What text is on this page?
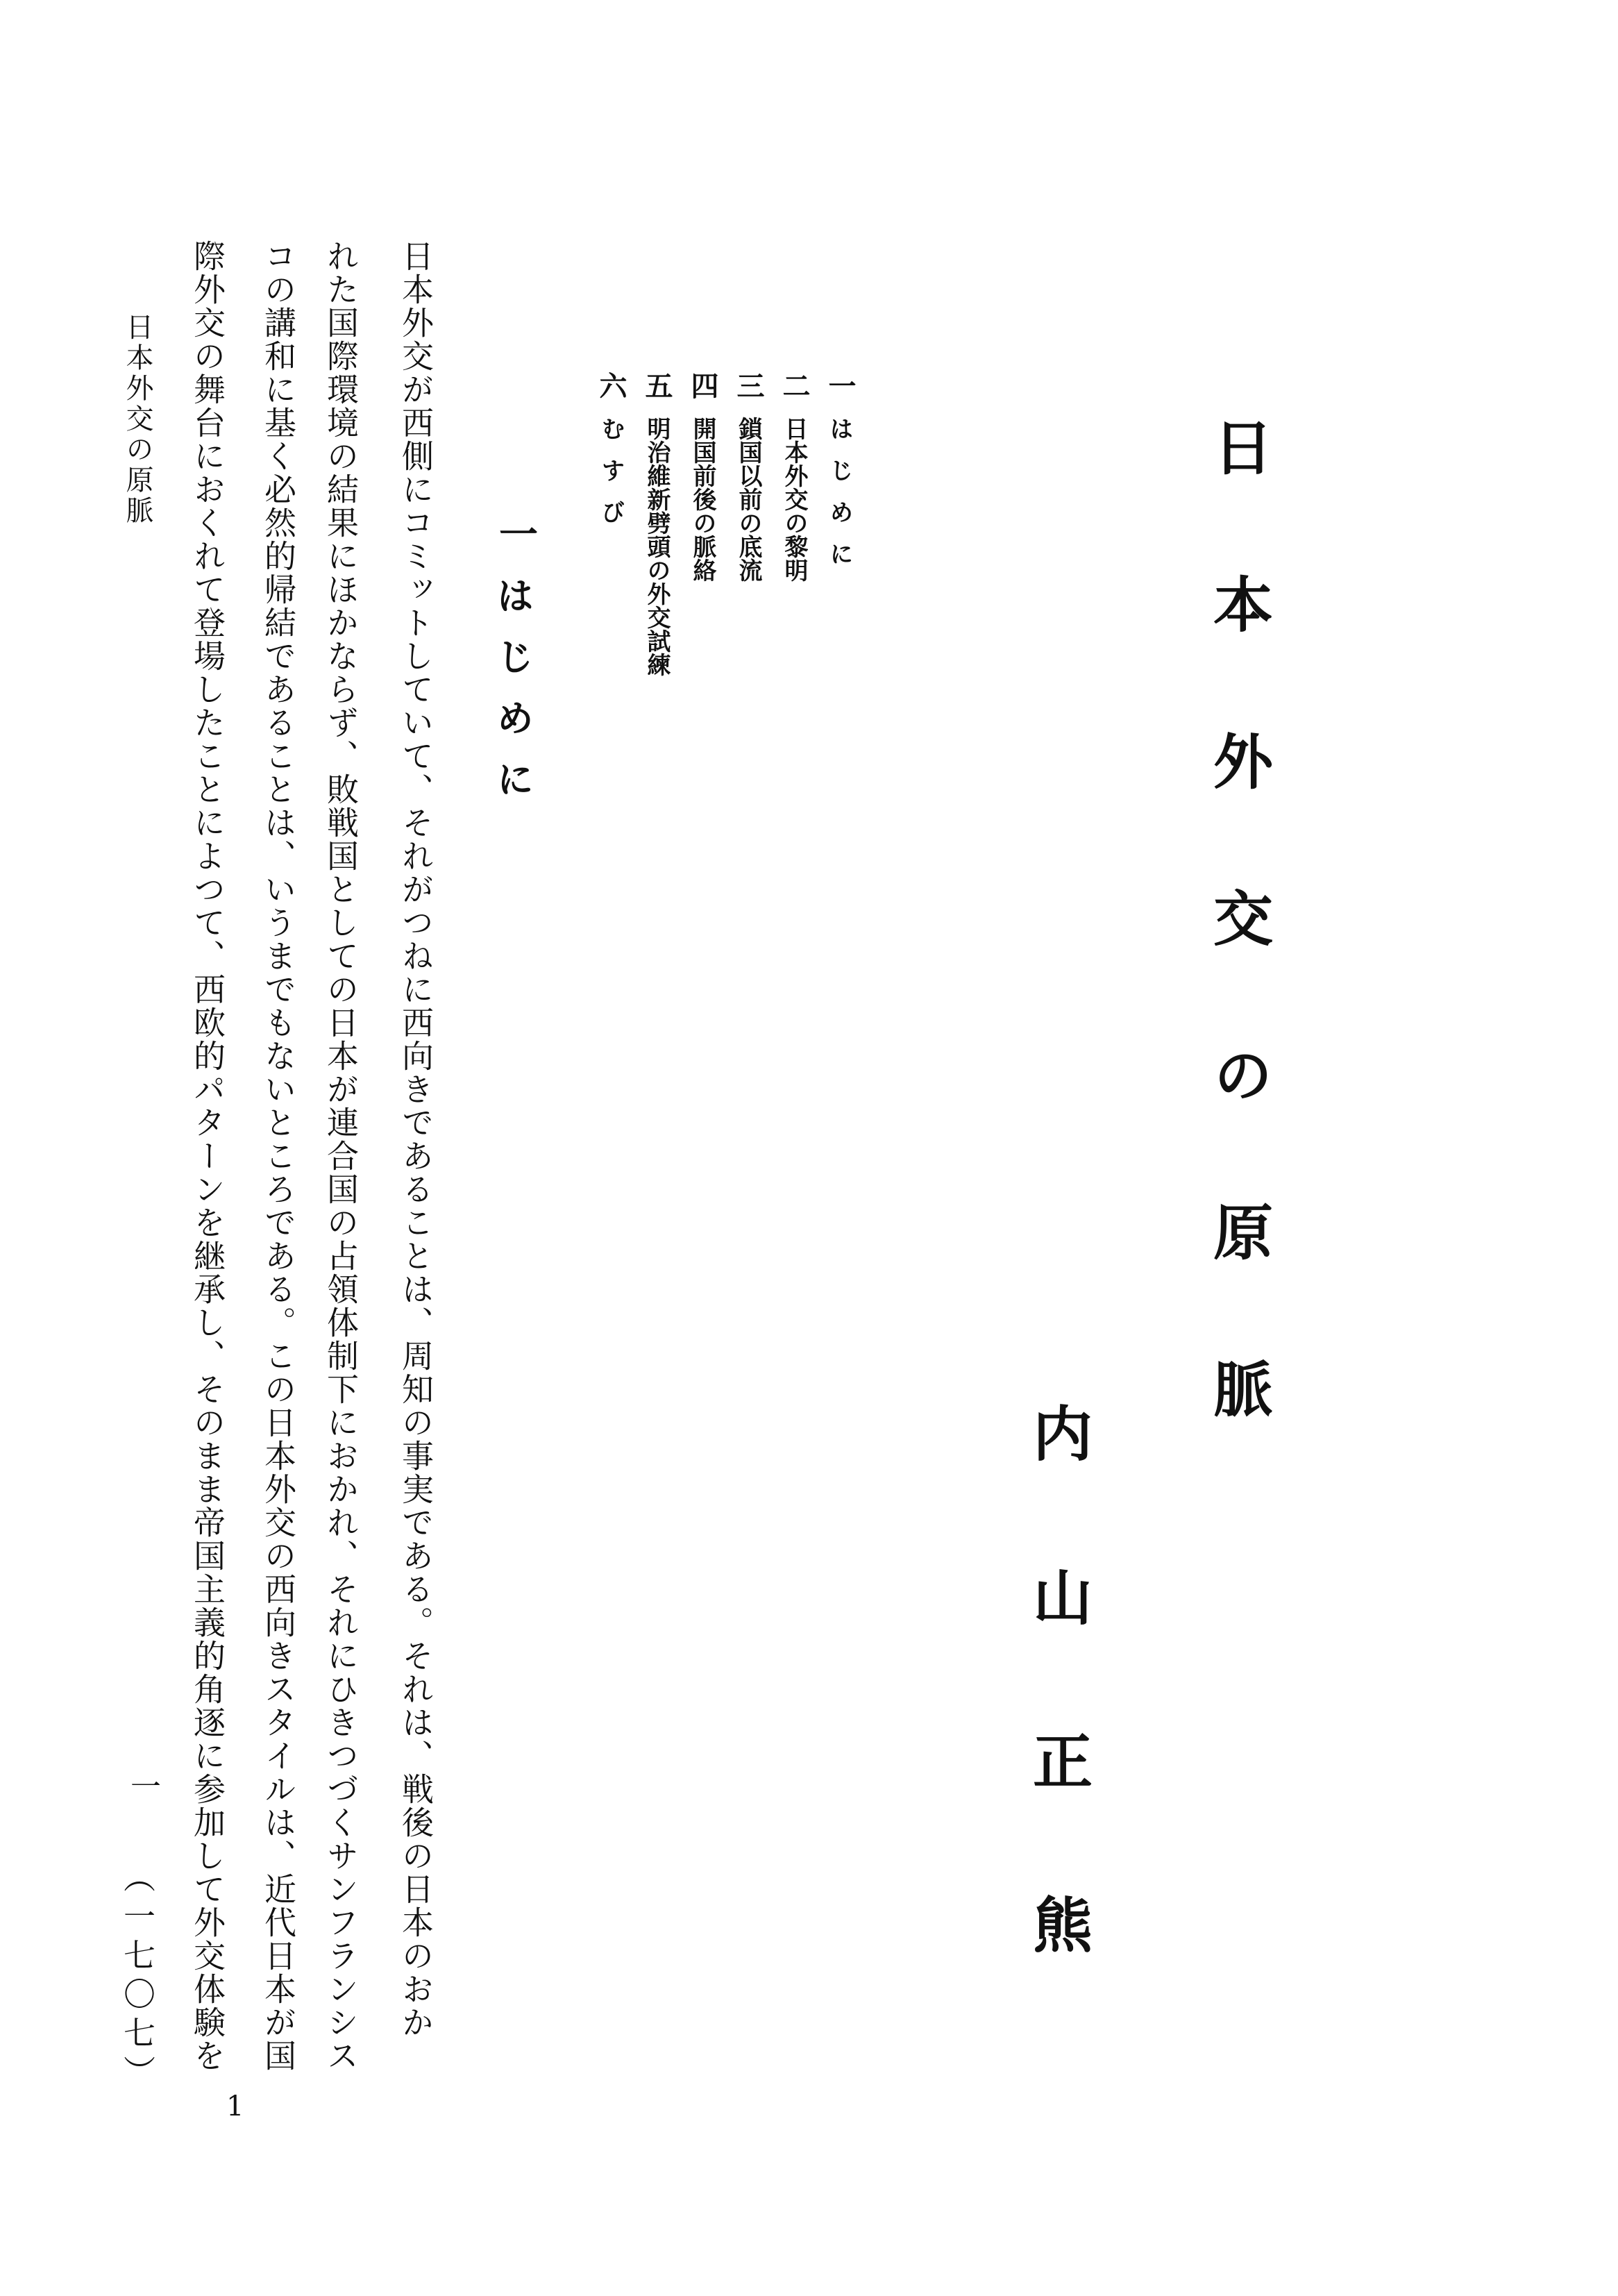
日本外交の原脈
内山正熊
一
はじめに
二
日本外交の黎明
三
鎖国以前の底流
四
開国前後の脈絡
五
明治維新劈頭の外交試練
六
むすび
一
はじめに
日本外交が西側にコミットしていて、それがつねに西向きであることは、周知の事実である。それは、戦後の日本のおか
れた国際環境の結果にほかならず、敗戦国としての日本が連合国の占領体制下におかれ、それにひきつづくサンフランシス
コの講和に基く必然的帰結であることは、いうまでもないところである。この日本外交の西向きスタイルは、近代日本が国
際外交の舞台におくれて登場したことによつて、西欧的パターンを継承し、そのまま帝国主義的角逐に参加して外交体験を
日本外交の原脈
一
（一七〇七）
1
